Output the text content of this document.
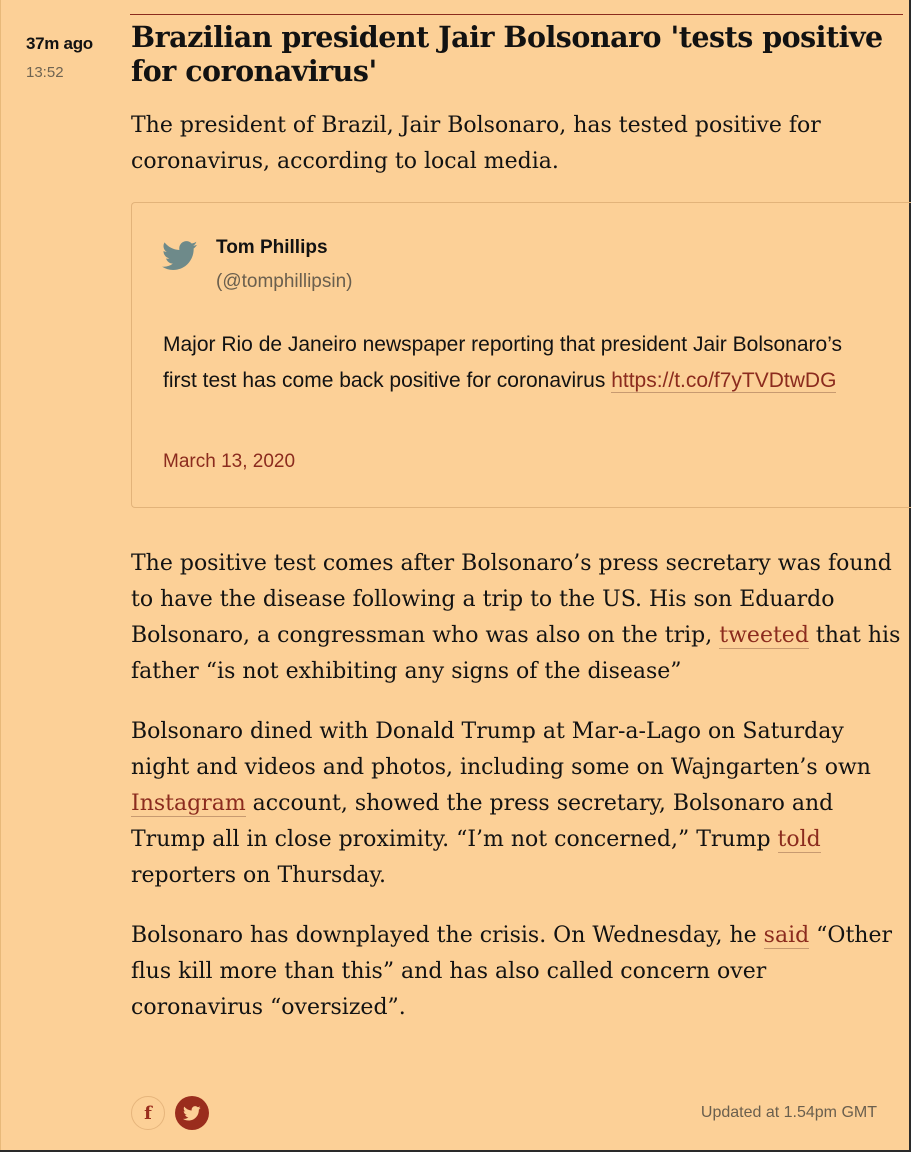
37m ago
13:52
Brazilian president Jair Bolsonaro 'tests positive for coronavirus'

The president of Brazil, Jair Bolsonaro, has tested positive for coronavirus, according to local media.

Tom Phillips
(@tomphillipsin)
Major Rio de Janeiro newspaper reporting that president Jair Bolsonaro’s first test has come back positive for coronavirus https://t.co/f7yTVDtwDG
March 13, 2020

The positive test comes after Bolsonaro’s press secretary was found to have the disease following a trip to the US. His son Eduardo Bolsonaro, a congressman who was also on the trip, tweeted that his father “is not exhibiting any signs of the disease”

Bolsonaro dined with Donald Trump at Mar-a-Lago on Saturday night and videos and photos, including some on Wajngarten’s own Instagram account, showed the press secretary, Bolsonaro and Trump all in close proximity. “I’m not concerned,” Trump told reporters on Thursday.

Bolsonaro has downplayed the crisis. On Wednesday, he said “Other flus kill more than this” and has also called concern over coronavirus “oversized”.

f	Updated at 1.54pm GMT
